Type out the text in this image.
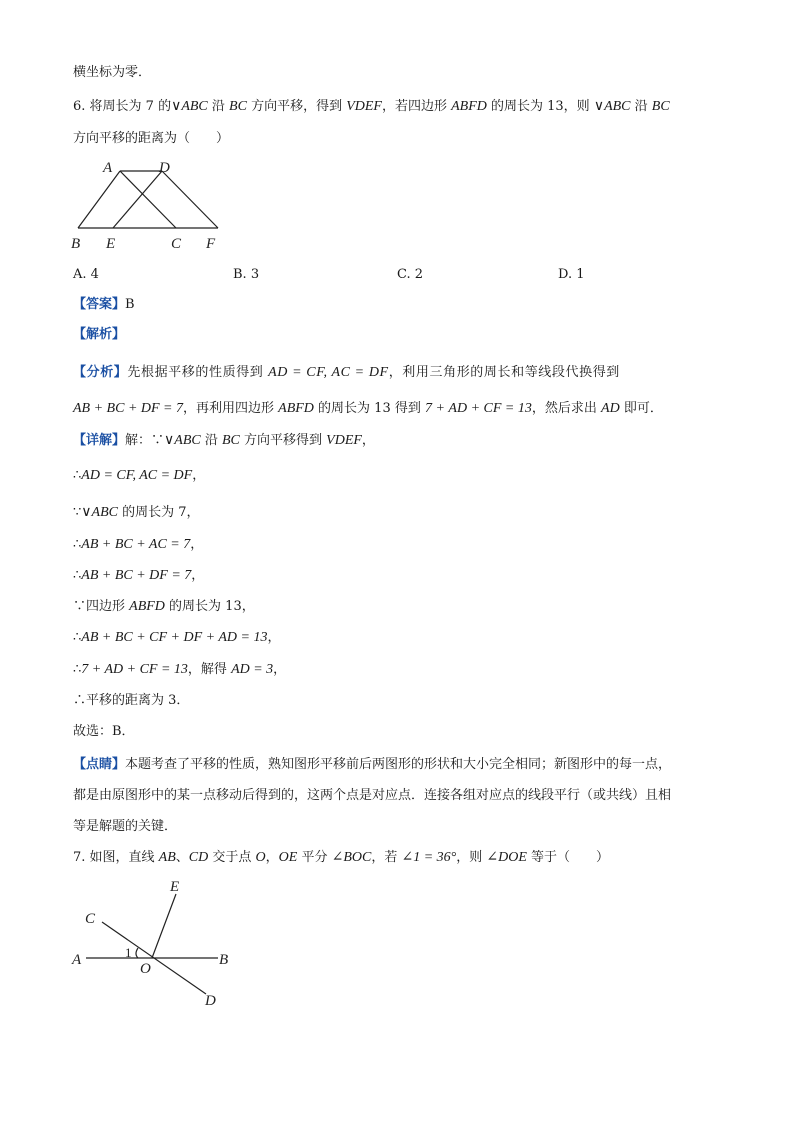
横坐标为零．
6. 将周长为 7 的∨ABC 沿 BC 方向平移，得到 VDEF，若四边形 ABFD 的周长为 13，则 ∨ABC 沿 BC
方向平移的距离为（　　）
A	D
B E	C F
A. 4	B. 3	C. 2	D. 1
【答案】B
【解析】
【分析】先根据平移的性质得到 AD = CF, AC = DF，利用三角形的周长和等线段代换得到
AB + BC + DF = 7，再利用四边形 ABFD 的周长为 13 得到 7 + AD + CF = 13，然后求出 AD 即可．
【详解】解：∵∨ABC 沿 BC 方向平移得到 VDEF，
∴AD = CF, AC = DF，
∵∨ABC 的周长为 7，
∴AB + BC + AC = 7，
∴AB + BC + DF = 7，
∵四边形 ABFD 的周长为 13，
∴AB + BC + CF + DF + AD = 13，
∴7 + AD + CF = 13，解得 AD = 3，
∴平移的距离为 3．
故选：B．
【点睛】本题考查了平移的性质，熟知图形平移前后两图形的形状和大小完全相同；新图形中的每一点，
都是由原图形中的某一点移动后得到的，这两个点是对应点．连接各组对应点的线段平行（或共线）且相
等是解题的关键．
7. 如图，直线 AB、CD 交于点 O，OE 平分 ∠BOC，若 ∠1 = 36°，则 ∠DOE 等于（　　）
E
C
A	B
O
D
1
